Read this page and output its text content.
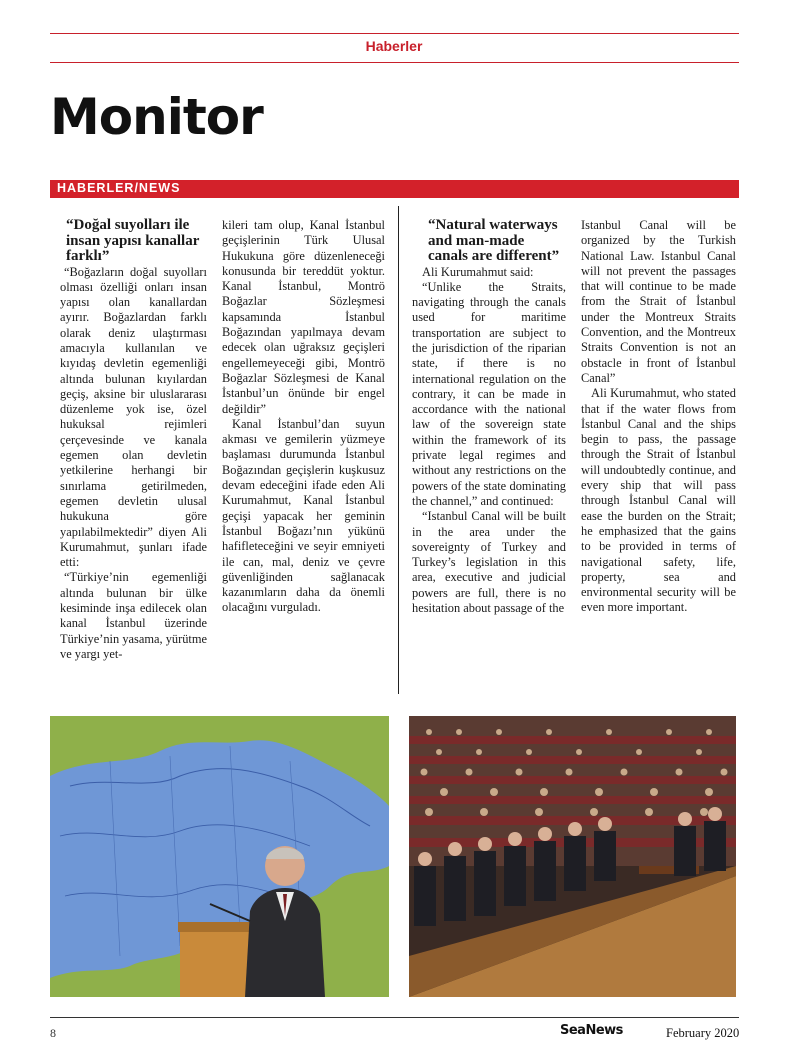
Haberler
Monitor
HABERLER/NEWS

“Doğal suyolları ile insan yapısı kanallar farklı”

“Boğazların doğal suyolları olması özelliği onları insan yapısı olan kanallardan ayırır. Boğazlardan farklı olarak deniz ulaştırması amacıyla kullanılan ve kıyıdaş devletin egemenliği altında bulunan kıyılardan geçiş, aksine bir uluslararası düzenleme yok ise, özel hukuksal rejimleri çerçevesinde ve kanala egemen olan devletin yetkilerine herhangi bir sınırlama getirilmeden, egemen devletin ulusal hukukuna göre yapılabilmektedir” diyen Ali Kurumahmut, şunları ifade etti:

“Türkiye’nin egemenliği altında bulunan bir ülke kesiminde inşa edilecek olan kanal İstanbul üzerinde Türkiye’nin yasama, yürütme ve yargı yet-

kileri tam olup, Kanal İstanbul geçişlerinin Türk Ulusal Hukukuna göre düzenleneceği konusunda bir tereddüt yoktur. Kanal İstanbul, Montrö Boğazlar Sözleşmesi kapsamında İstanbul Boğazından yapılmaya devam edecek olan uğraksız geçişleri engellemeyeceği gibi, Montrö Boğazlar Sözleşmesi de Kanal İstanbul’un önünde bir engel değildir”

Kanal İstanbul’dan suyun akması ve gemilerin yüzmeye başlaması durumunda İstanbul Boğazından geçişlerin kuşkusuz devam edeceğini ifade eden Ali Kurumahmut, Kanal İstanbul geçişi yapacak her geminin İstanbul Boğazı’nın yükünü hafifleteceğini ve seyir emniyeti ile can, mal, deniz ve çevre güvenliğinden sağlanacak kazanımların daha da önemli olacağını vurguladı.

“Natural waterways and man-made canals are different”

Ali Kurumahmut said:

“Unlike the Straits, navigating through the canals used for maritime transportation are subject to the jurisdiction of the riparian state, if there is no international regulation on the contrary, it can be made in accordance with the national law of the sovereign state within the framework of its private legal regimes and without any restrictions on the powers of the state dominating the channel,” and continued:

“Istanbul Canal will be built in the area under the sovereignty of Turkey and Turkey’s legislation in this area, executive and judicial powers are full, there is no hesitation about passage of the

Istanbul Canal will be organized by the Turkish National Law. Istanbul Canal will not prevent the passages that will continue to be made from the Strait of İstanbul under the Montreux Straits Convention, and the Montreux Straits Convention is not an obstacle in front of İstanbul Canal”

Ali Kurumahmut, who stated that if the water flows from İstanbul Canal and the ships begin to pass, the passage through the Strait of İstanbul will undoubtedly continue, and every ship that will pass through İstanbul Canal will ease the burden on the Strait; he emphasized that the gains to be provided in terms of navigational safety, life, property, sea and environmental security will be even more important.

8	SeaNews	February 2020
